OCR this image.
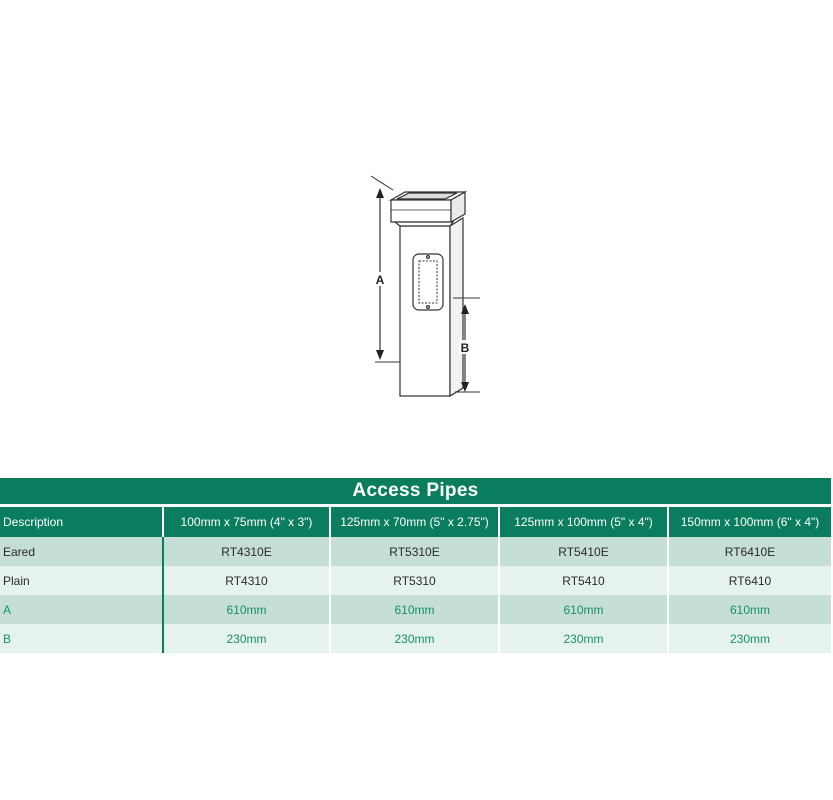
A
B
Access Pipes
Description	100mm x 75mm (4" x 3")	125mm x 70mm (5" x 2.75")	125mm x 100mm (5" x 4")	150mm x 100mm (6" x 4")
Eared	RT4310E	RT5310E	RT5410E	RT6410E
Plain	RT4310	RT5310	RT5410	RT6410
A	610mm	610mm	610mm	610mm
B	230mm	230mm	230mm	230mm
